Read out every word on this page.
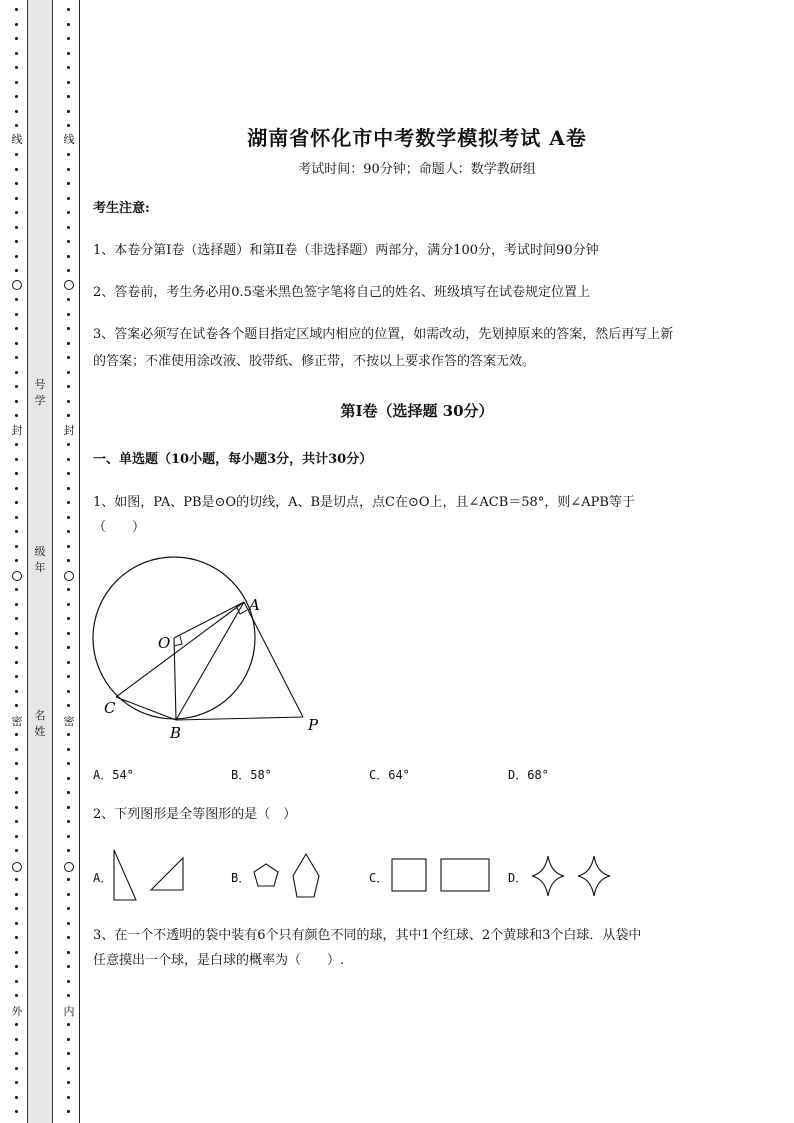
线
封
密
外
号
学
级
年
名
姓
线
封
密
内
湖南省怀化市中考数学模拟考试 A卷
考试时间：90分钟；命题人：数学教研组
考生注意:
1、本卷分第I卷（选择题）和第Ⅱ卷（非选择题）两部分，满分100分，考试时间90分钟
2、答卷前，考生务必用0.5毫米黑色签字笔将自己的姓名、班级填写在试卷规定位置上
3、答案必须写在试卷各个题目指定区域内相应的位置，如需改动，先划掉原来的答案，然后再写上新
的答案；不准使用涂改液、胶带纸、修正带，不按以上要求作答的答案无效。
第I卷（选择题 30分）
一、单选题（10小题，每小题3分，共计30分）
1、如图，PA、PB是⊙O的切线，A、B是切点，点C在⊙O上，且∠ACB＝58°，则∠APB等于
（　　）
O
A
B
C
P
A．54°	B．58°	C．64°	D．68°
2、下列图形是全等图形的是（　）
A．	B．	C．	D．
3、在一个不透明的袋中装有6个只有颜色不同的球，其中1个红球、2个黄球和3个白球．从袋中
任意摸出一个球，是白球的概率为（　　）.
